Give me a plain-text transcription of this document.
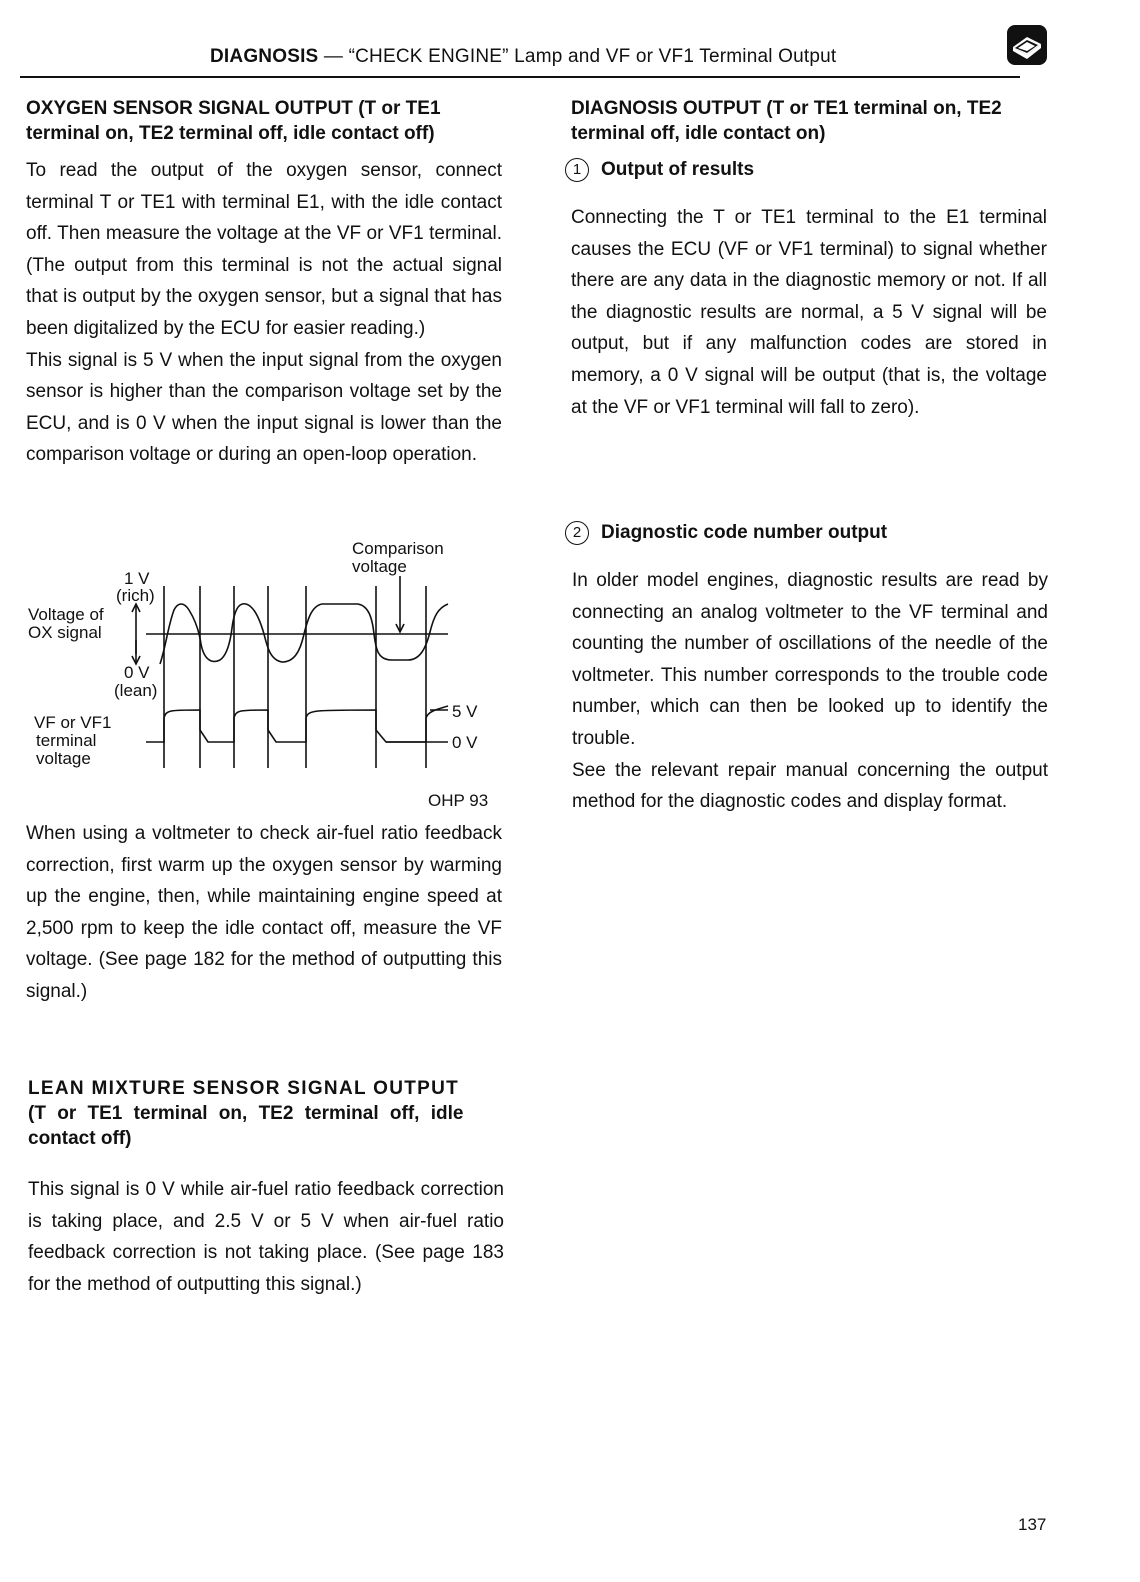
DIAGNOSIS — “CHECK ENGINE” Lamp and VF or VF1 Terminal Output
OXYGEN SENSOR SIGNAL OUTPUT (T or TE1
terminal on, TE2 terminal off, idle contact off)

To read the output of the oxygen sensor, connect terminal T or TE1 with terminal E1, with the idle contact off. Then measure the voltage at the VF or VF1 terminal. (The output from this terminal is not the actual signal that is output by the oxygen sensor, but a signal that has been digitalized by the ECU for easier reading.)

This signal is 5 V when the input signal from the oxygen sensor is higher than the comparison voltage set by the ECU, and is 0 V when the input signal is lower than the comparison voltage or during an open-loop operation.

Comparison
voltage
1 V
(rich)
Voltage of
OX signal
0 V
(lean)
VF or VF1
terminal
voltage
5 V
0 V
OHP 93

When using a voltmeter to check air-fuel ratio feedback correction, first warm up the oxygen sensor by warming up the engine, then, while maintaining engine speed at 2,500 rpm to keep the idle contact off, measure the VF voltage. (See page 182 for the method of outputting this signal.)

LEAN MIXTURE SENSOR SIGNAL OUTPUT
(T or TE1 terminal on, TE2 terminal off, idle
contact off)

This signal is 0 V while air-fuel ratio feedback correction is taking place, and 2.5 V or 5 V when air-fuel ratio feedback correction is not taking place. (See page 183 for the method of outputting this signal.)

DIAGNOSIS OUTPUT (T or TE1 terminal on, TE2
terminal off, idle contact on)
1	Output of results

Connecting the T or TE1 terminal to the E1 terminal causes the ECU (VF or VF1 terminal) to signal whether there are any data in the diagnostic memory or not. If all the diagnostic results are normal, a 5 V signal will be output, but if any malfunction codes are stored in memory, a 0 V signal will be output (that is, the voltage at the VF or VF1 terminal will fall to zero).

2	Diagnostic code number output

In older model engines, diagnostic results are read by connecting an analog voltmeter to the VF terminal and counting the number of oscillations of the needle of the voltmeter. This number corresponds to the trouble code number, which can then be looked up to identify the trouble.

See the relevant repair manual concerning the output method for the diagnostic codes and display format.

137
